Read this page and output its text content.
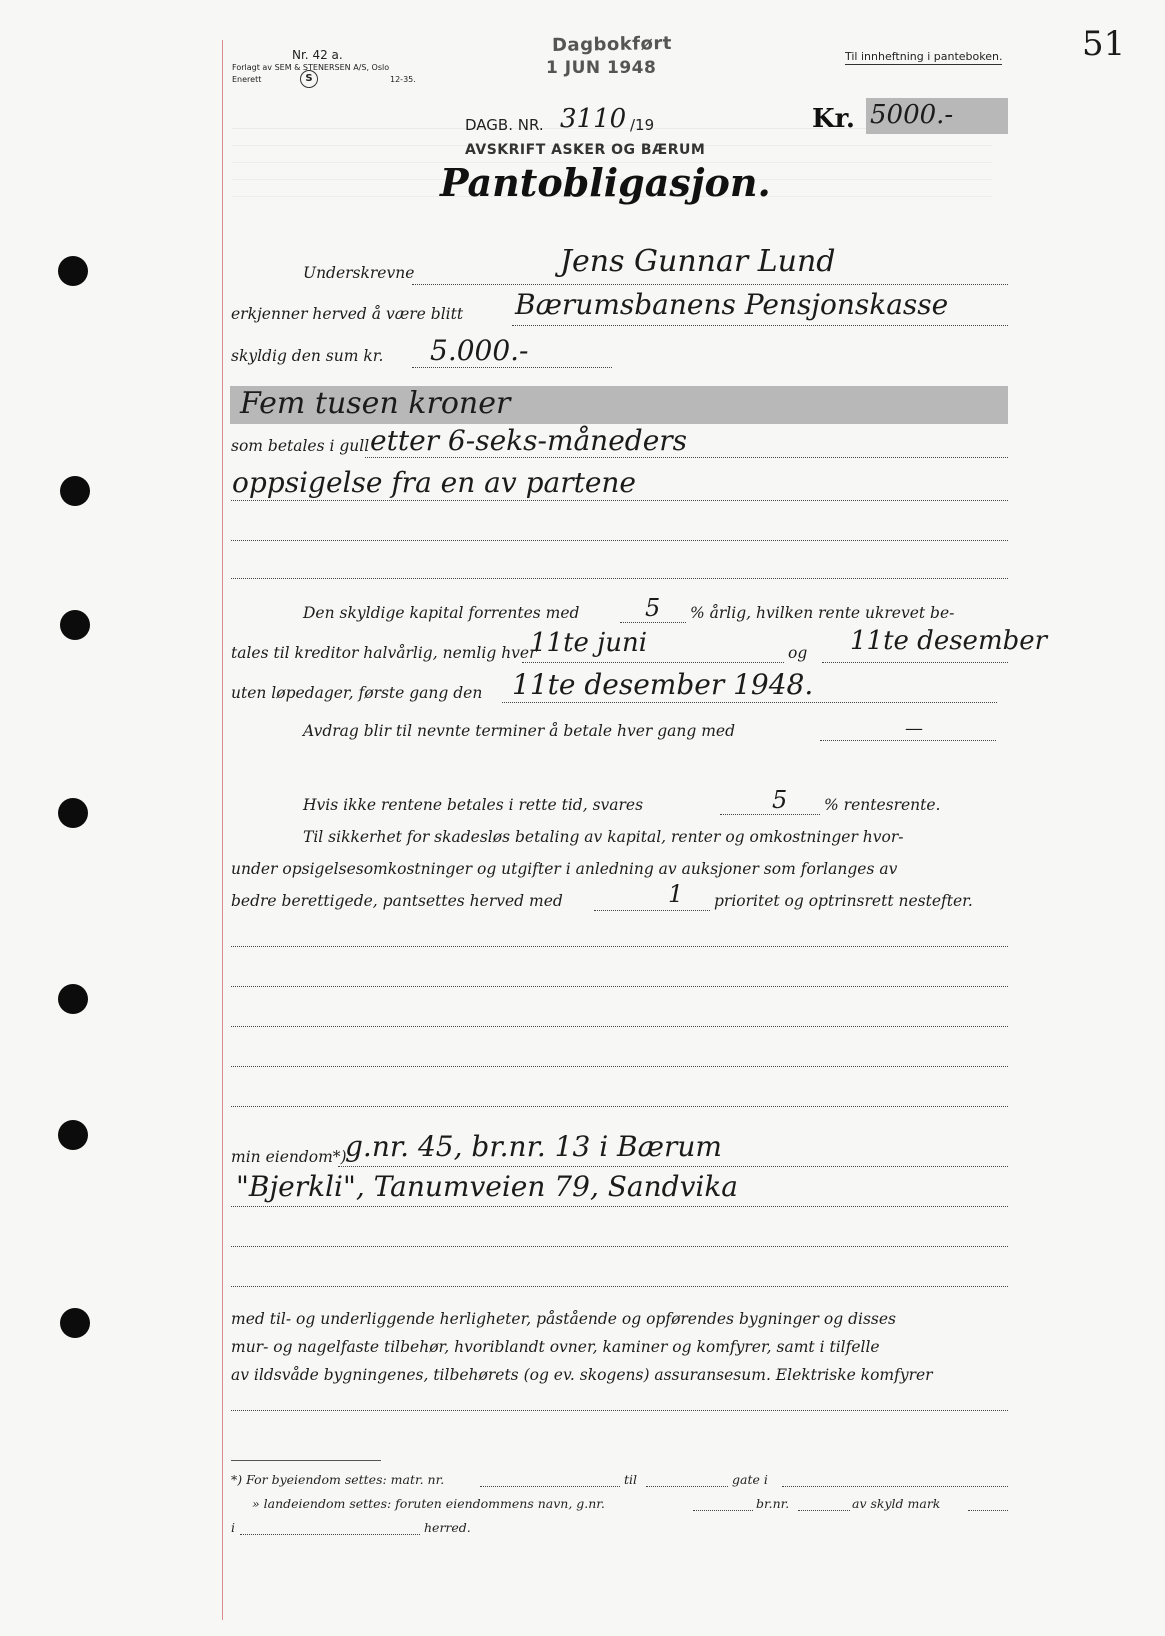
Nr. 42 a.
Forlagt av SEM & STENERSEN A/S, Oslo
Enerett	S	12-35.
Dagbokført
1 JUN 1948
Til innheftning i panteboken. 51
DAGB. NR. 3110 /19	Kr. 5000.-
AVSKRIFT ASKER OG BÆRUM
Pantobligasjon.
Underskrevne	Jens Gunnar Lund
erkjenner herved å være blitt Bærumsbanens Pensjonskasse
skyldig den sum kr. 5.000.-
Fem tusen kroner
som betales i gull etter 6-seks-måneders
oppsigelse fra en av partene
Den skyldige kapital forrentes med	5 % årlig, hvilken rente ukrevet be-
tales til kreditor halvårlig, nemlig hver
11te juni	og 11te desember
uten løpedager, første gang den 11te desember 1948.
Avdrag blir til nevnte terminer å betale hver gang med	—
Hvis ikke rentene betales i rette tid, svares	5 % rentesrente.
Til sikkerhet for skadesløs betaling av kapital, renter og omkostninger hvor-
under opsigelsesomkostninger og utgifter i anledning av auksjoner som forlanges av
bedre berettigede, pantsettes herved med	1 prioritet og optrinsrett nestefter.
min eiendom*)
g.nr. 45, br.nr. 13 i Bærum
"Bjerkli", Tanumveien 79, Sandvika
med til- og underliggende herligheter, påstående og opførendes bygninger og disses
mur- og nagelfaste tilbehør, hvoriblandt ovner, kaminer og komfyrer, samt i tilfelle
av ildsvåde bygningenes, tilbehørets (og ev. skogens) assuransesum. Elektriske komfyrer
*) For byeiendom settes: matr. nr.	til	gate i
» landeiendom settes: foruten eiendommens navn, g.nr.	br.nr.	av skyld mark
i	herred.
